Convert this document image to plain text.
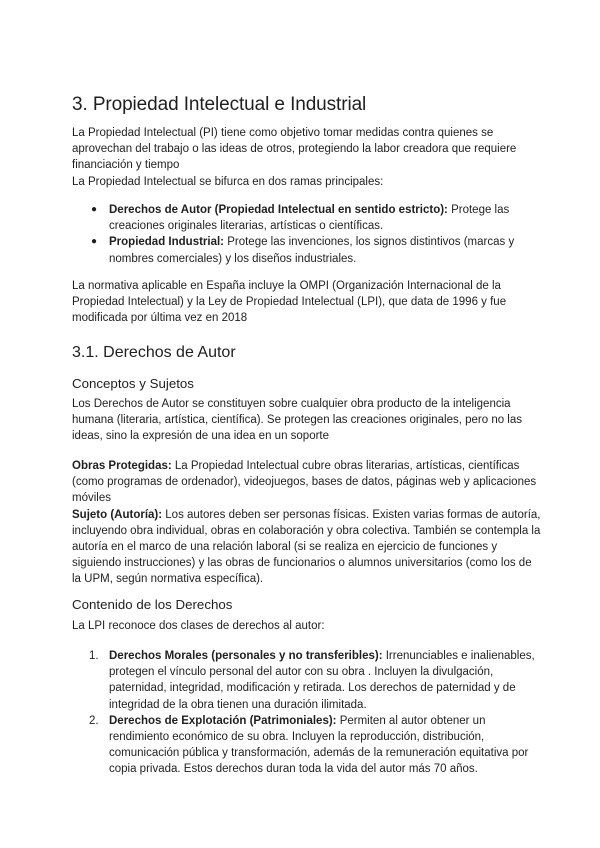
3. Propiedad Intelectual e Industrial

La Propiedad Intelectual (PI) tiene como objetivo tomar medidas contra quienes se aprovechan del trabajo o las ideas de otros, protegiendo la labor creadora que requiere financiación y tiempo

La Propiedad Intelectual se bifurca en dos ramas principales:

● Derechos de Autor (Propiedad Intelectual en sentido estricto): Protege las creaciones originales literarias, artísticas o científicas.
● Propiedad Industrial: Protege las invenciones, los signos distintivos (marcas y nombres comerciales) y los diseños industriales.

La normativa aplicable en España incluye la OMPI (Organización Internacional de la Propiedad Intelectual) y la Ley de Propiedad Intelectual (LPI), que data de 1996 y fue modificada por última vez en 2018

3.1. Derechos de Autor
Conceptos y Sujetos

Los Derechos de Autor se constituyen sobre cualquier obra producto de la inteligencia humana (literaria, artística, científica). Se protegen las creaciones originales, pero no las ideas, sino la expresión de una idea en un soporte

Obras Protegidas: La Propiedad Intelectual cubre obras literarias, artísticas, científicas (como programas de ordenador), videojuegos, bases de datos, páginas web y aplicaciones móviles

Sujeto (Autoría): Los autores deben ser personas físicas. Existen varias formas de autoría, incluyendo obra individual, obras en colaboración y obra colectiva. También se contempla la autoría en el marco de una relación laboral (si se realiza en ejercicio de funciones y siguiendo instrucciones) y las obras de funcionarios o alumnos universitarios (como los de la UPM, según normativa específica).

Contenido de los Derechos

La LPI reconoce dos clases de derechos al autor:

1. Derechos Morales (personales y no transferibles): Irrenunciables e inalienables, protegen el vínculo personal del autor con su obra . Incluyen la divulgación, paternidad, integridad, modificación y retirada. Los derechos de paternidad y de integridad de la obra tienen una duración ilimitada.
2. Derechos de Explotación (Patrimoniales): Permiten al autor obtener un rendimiento económico de su obra. Incluyen la reproducción, distribución, comunicación pública y transformación, además de la remuneración equitativa por copia privada. Estos derechos duran toda la vida del autor más 70 años.
